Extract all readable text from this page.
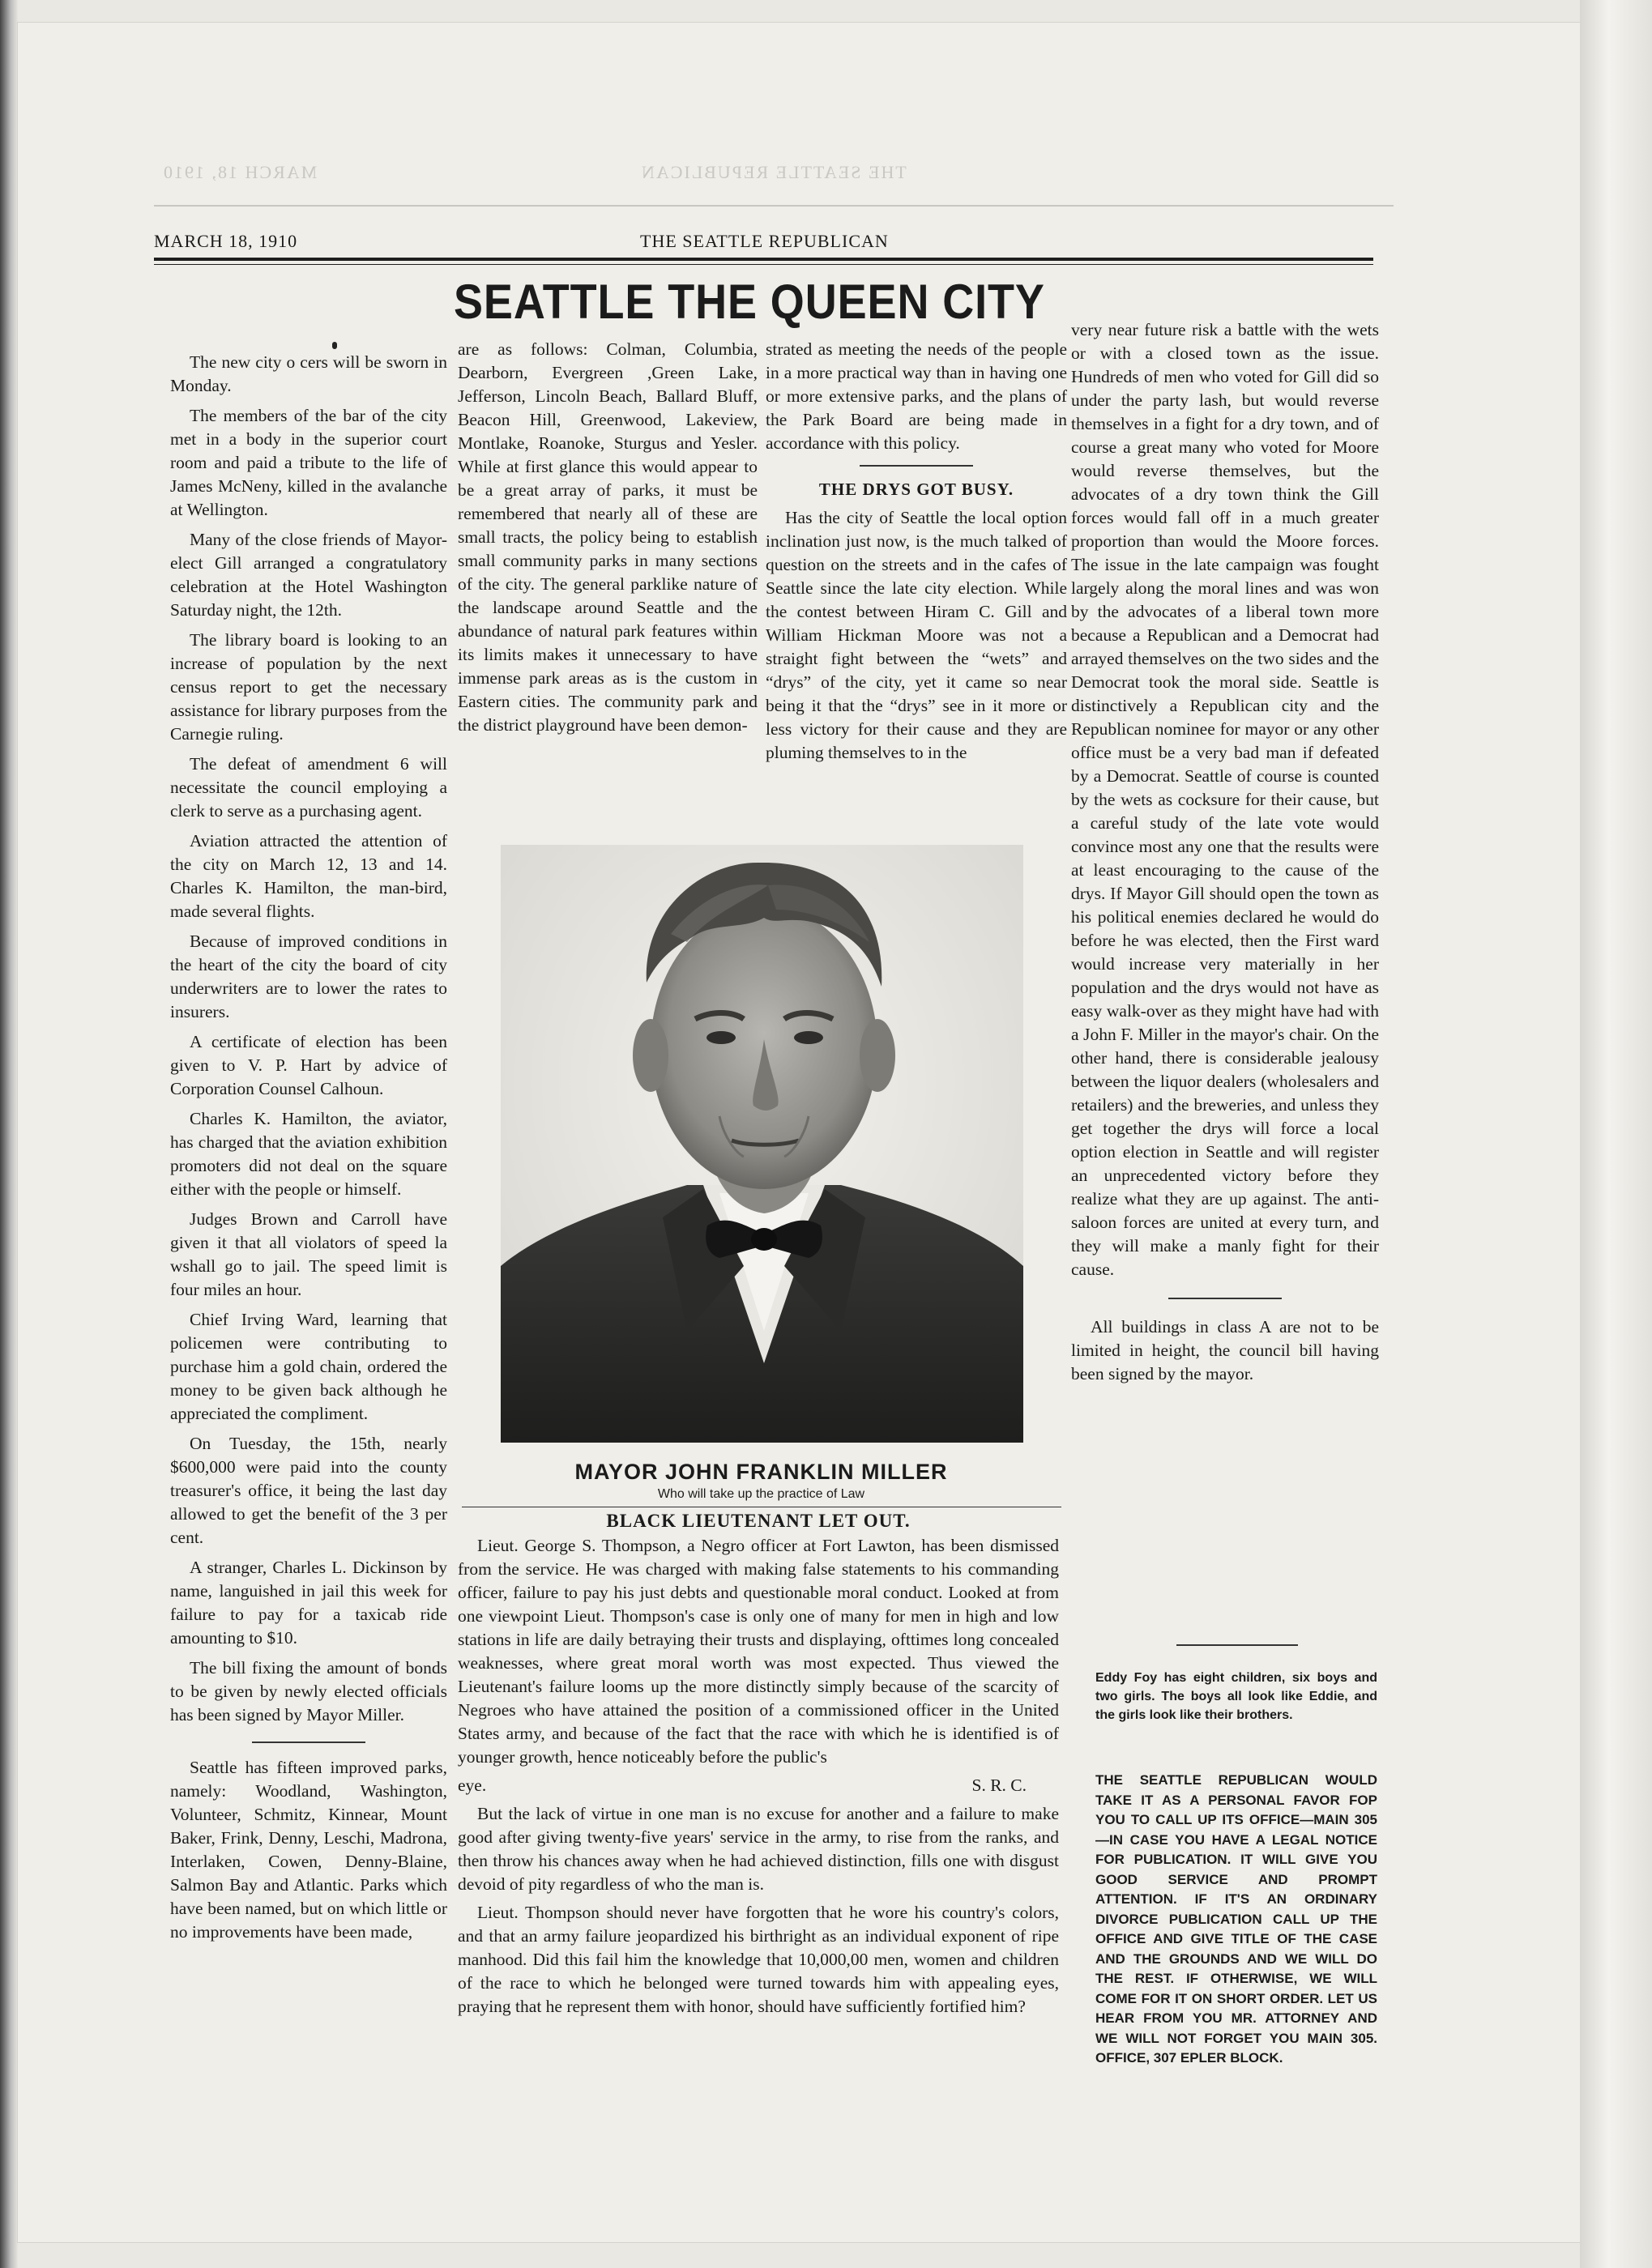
MARCH 18, 1910	THE SEATTLE REPUBLICAN
MARCH 18, 1910	THE SEATTLE REPUBLICAN
SEATTLE THE QUEEN CITY

The new city o cers will be sworn in Monday.

The members of the bar of the city met in a body in the superior court room and paid a tribute to the life of James McNeny, killed in the avalanche at Wellington.

Many of the close friends of Mayor-elect Gill arranged a congratulatory celebration at the Hotel Washington Saturday night, the 12th.

The library board is looking to an increase of population by the next census report to get the necessary assistance for library purposes from the Carnegie ruling.

The defeat of amendment 6 will necessitate the council employing a clerk to serve as a purchasing agent.

Aviation attracted the attention of the city on March 12, 13 and 14. Charles K. Hamilton, the man-bird, made several flights.

Because of improved conditions in the heart of the city the board of city underwriters are to lower the rates to insurers.

A certificate of election has been given to V. P. Hart by advice of Corporation Counsel Calhoun.

Charles K. Hamilton, the aviator, has charged that the aviation exhibition promoters did not deal on the square either with the people or himself.

Judges Brown and Carroll have given it that all violators of speed la wshall go to jail. The speed limit is four miles an hour.

Chief Irving Ward, learning that policemen were contributing to purchase him a gold chain, ordered the money to be given back although he appreciated the compliment.

On Tuesday, the 15th, nearly $600,000 were paid into the county treasurer's office, it being the last day allowed to get the benefit of the 3 per cent.

A stranger, Charles L. Dickinson by name, languished in jail this week for failure to pay for a taxicab ride amounting to $10.

The bill fixing the amount of bonds to be given by newly elected officials has been signed by Mayor Miller.

Seattle has fifteen improved parks, namely: Woodland, Washington, Volunteer, Schmitz, Kinnear, Mount Baker, Frink, Denny, Leschi, Madrona, Interlaken, Cowen, Denny-Blaine, Salmon Bay and Atlantic. Parks which have been named, but on which little or no improvements have been made,

are as follows: Colman, Columbia, Dearborn, Evergreen ,Green Lake, Jefferson, Lincoln Beach, Ballard Bluff, Beacon Hill, Greenwood, Lakeview, Montlake, Roanoke, Sturgus and Yesler. While at first glance this would appear to be a great array of parks, it must be remembered that nearly all of these are small tracts, the policy being to establish small community parks in many sections of the city. The general parklike nature of the landscape around Seattle and the abundance of natural park features within its limits makes it unnecessary to have immense park areas as is the custom in Eastern cities. The community park and the district playground have been demon-

strated as meeting the needs of the people in a more practical way than in having one or more extensive parks, and the plans of the Park Board are being made in accordance with this policy.

THE DRYS GOT BUSY.

Has the city of Seattle the local option inclination just now, is the much talked of question on the streets and in the cafes of Seattle since the late city election. While the contest between Hiram C. Gill and William Hickman Moore was not a straight fight between the “wets” and “drys” of the city, yet it came so near being it that the “drys” see in it more or less victory for their cause and they are pluming themselves to in the

very near future risk a battle with the wets or with a closed town as the issue. Hundreds of men who voted for Gill did so under the party lash, but would reverse themselves in a fight for a dry town, and of course a great many who voted for Moore would reverse themselves, but the advocates of a dry town think the Gill forces would fall off in a much greater proportion than would the Moore forces. The issue in the late campaign was fought largely along the moral lines and was won by the advocates of a liberal town more because a Republican and a Democrat had arrayed themselves on the two sides and the Democrat took the moral side. Seattle is distinctively a Republican city and the Republican nominee for mayor or any other office must be a very bad man if defeated by a Democrat. Seattle of course is counted by the wets as cocksure for their cause, but a careful study of the late vote would convince most any one that the results were at least encouraging to the cause of the drys. If Mayor Gill should open the town as his political enemies declared he would do before he was elected, then the First ward would increase very materially in her population and the drys would not have as easy walk-over as they might have had with a John F. Miller in the mayor's chair. On the other hand, there is considerable jealousy between the liquor dealers (wholesalers and retailers) and the breweries, and unless they get together the drys will force a local option election in Seattle and will register an unprecedented victory before they realize what they are up against. The anti-saloon forces are united at every turn, and they will make a manly fight for their cause.

All buildings in class A are not to be limited in height, the council bill having been signed by the mayor.

Eddy Foy has eight children, six boys and two girls. The boys all look like Eddie, and the girls look like their brothers.
THE SEATTLE REPUBLICAN WOULD TAKE IT AS A PERSONAL FAVOR FOP YOU TO CALL UP ITS OFFICE—MAIN 305—IN CASE YOU HAVE A LEGAL NOTICE FOR PUBLICATION. IT WILL GIVE YOU GOOD SERVICE AND PROMPT ATTENTION. IF IT'S AN ORDINARY DIVORCE PUBLICATION CALL UP THE OFFICE AND GIVE TITLE OF THE CASE AND THE GROUNDS AND WE WILL DO THE REST. IF OTHERWISE, WE WILL COME FOR IT ON SHORT ORDER. LET US HEAR FROM YOU MR. ATTORNEY AND WE WILL NOT FORGET YOU MAIN 305. OFFICE, 307 EPLER BLOCK.
MAYOR JOHN FRANKLIN MILLER
Who will take up the practice of Law
BLACK LIEUTENANT LET OUT.

Lieut. George S. Thompson, a Negro officer at Fort Lawton, has been dismissed from the service. He was charged with making false statements to his commanding officer, failure to pay his just debts and questionable moral conduct. Looked at from one viewpoint Lieut. Thompson's case is only one of many for men in high and low stations in life are daily betraying their trusts and displaying, ofttimes long concealed weaknesses, where great moral worth was most expected. Thus viewed the Lieutenant's failure looms up the more distinctly simply because of the scarcity of Negroes who have attained the position of a commissioned officer in the United States army, and because of the fact that the race with which he is identified is of younger growth, hence noticeably before the public's

eye.	S. R. C.

But the lack of virtue in one man is no excuse for another and a failure to make good after giving twenty-five years' service in the army, to rise from the ranks, and then throw his chances away when he had achieved distinction, fills one with disgust devoid of pity regardless of who the man is.

Lieut. Thompson should never have forgotten that he wore his country's colors, and that an army failure jeopardized his birthright as an individual exponent of ripe manhood. Did this fail him the knowledge that 10,000,00 men, women and children of the race to which he belonged were turned towards him with appealing eyes, praying that he represent them with honor, should have sufficiently fortified him?
